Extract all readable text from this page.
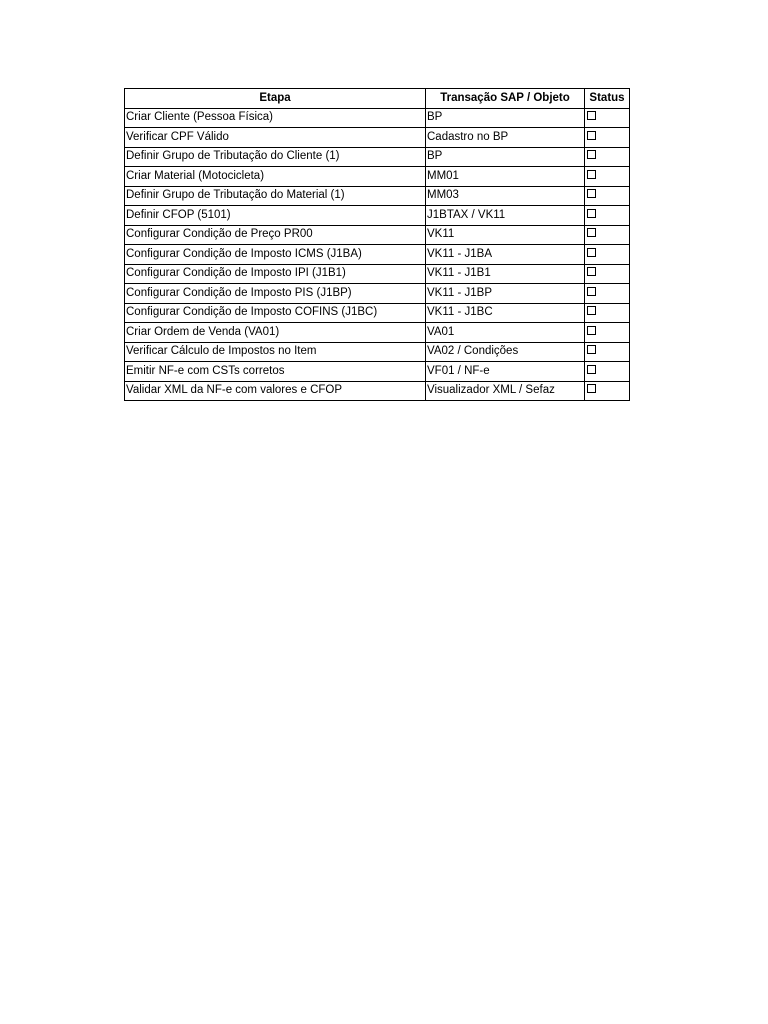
Etapa	Transação SAP / Objeto	Status
Criar Cliente (Pessoa Física)	BP	
Verificar CPF Válido	Cadastro no BP	
Definir Grupo de Tributação do Cliente (1)	BP	
Criar Material (Motocicleta)	MM01	
Definir Grupo de Tributação do Material (1)	MM03	
Definir CFOP (5101)	J1BTAX / VK11	
Configurar Condição de Preço PR00	VK11	
Configurar Condição de Imposto ICMS (J1BA)	VK11 - J1BA	
Configurar Condição de Imposto IPI (J1B1)	VK11 - J1B1	
Configurar Condição de Imposto PIS (J1BP)	VK11 - J1BP	
Configurar Condição de Imposto COFINS (J1BC)	VK11 - J1BC	
Criar Ordem de Venda (VA01)	VA01	
Verificar Cálculo de Impostos no Item	VA02 / Condições	
Emitir NF-e com CSTs corretos	VF01 / NF-e	
Validar XML da NF-e com valores e CFOP	Visualizador XML / Sefaz	
